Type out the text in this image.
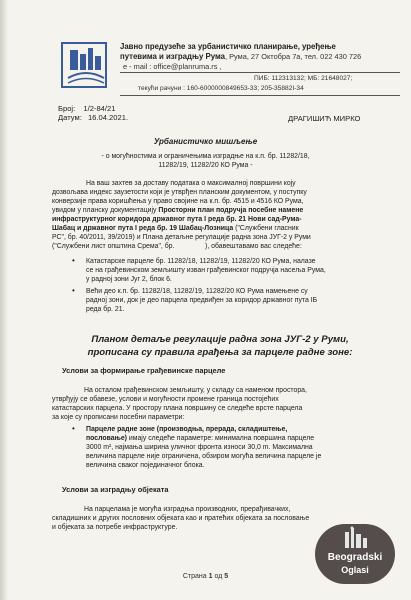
Јавно предузеће за урбанистичко планирање, уређење
путевима и изградњу Рума, Рума, 27 Октобра 7а, тел. 022 430 726
e - mail : office@planruma.rs ,
ПИБ: 112313132; МБ: 21648027;
текући рачуни : 160-6000000849653-33; 205-35882I-34
Број: 1/2-84/21
Датум: 16.04.2021.	ДРАГИШИЋ МИРКО
Урбанистичко мишљење
- о могућностима и ограничењима изградње на к.п. бр. 11282/18,
11282/19, 11282/20 КО Рума -
На ваш захтев за доставу података о максималној површини коју
дозвољава индекс заузетости који је утврђен планским документом, у поступку
конверзије права коришћења у право својине на к.п. бр. 4515 и 4516 КО Рума,
увидом у планску документацију Просторни план подручја посебне намене
инфраструктурног коридора државног пута I реда бр. 21 Нови сад-Рума-
Шабац и државног пута I реда бр. 19 Шабац-Лозница ("Службени гласник
РС", бр. 40/2011, 39/2019) и Плана детаљне регулације радна зона ЈУГ-2 у Руми
("Службени лист општина Срема", бр.                ), обавештавамо вас следеће:
• Катастарске парцеле бр. 11282/18, 11282/19, 11282/20 КО Рума, налазе
се на грађевинском земљишту изван грађевинског подручја насеља Рума,
у радној зони Југ 2, блок 6.
• Већи део к.п. бр. 11282/18, 11282/19, 11282/20 КО Рума намењене су
радној зони, док је део парцела предвиђен за коридор државног пута IБ
реда бр. 21.
Планом детаље регулације радна зона ЈУГ-2 у Руми,
прописана су правила грађења за парцеле радне зоне:
Услови за формирање грађевинске парцеле
На осталом грађевинском земљишту, у складу са наменом простора,
утврђују се обавезе, услови и могућности промене граница постојећих
катастарских парцела. У простору плана површину се следеће врсте парцела
за које су прописани посебни параметри:
• Парцеле радне зоне (производња, прерада, складиштење,
пословање) имају следеће параметре: минимална површина парцеле
3000 m², најмања ширина уличног фронта износи 30,0 m. Максимална
величина парцеле није ограничена, обзиром могућа величина парцеле је
величина сваког појединачног блока.
Услови за изградњу објеката
На парцелама је могућа изградња производних, прерађивачких,
складишних и других пословних објеката као и пратећих објеката за пословање
и објеката за потребе инфраструктуре.
Страна 1 од 5
Beogradski
Oglasi
